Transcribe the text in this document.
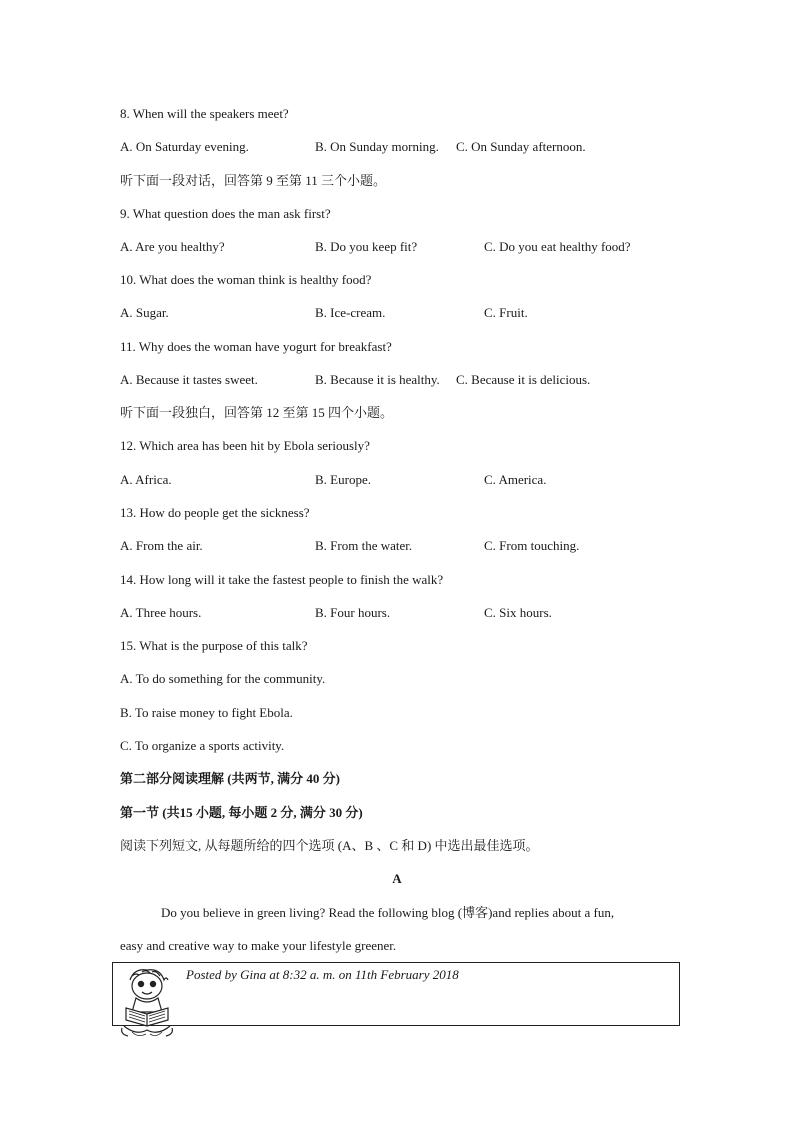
8. When will the speakers meet?
A. On Saturday evening.	B. On Sunday morning. C. On Sunday afternoon.
听下面一段对话，回答第 9 至第 11 三个小题。
9. What question does the man ask first?
A. Are you healthy?	B. Do you keep fit?	C. Do you eat healthy food?
10. What does the woman think is healthy food?
A. Sugar.	B. Ice-cream.	C. Fruit.
11. Why does the woman have yogurt for breakfast?
A. Because it tastes sweet.	B. Because it is healthy. C. Because it is delicious.
听下面一段独白，回答第 12 至第 15 四个小题。
12. Which area has been hit by Ebola seriously?
A. Africa.	B. Europe.	C. America.
13. How do people get the sickness?
A. From the air.	B. From the water.	C. From touching.
14. How long will it take the fastest people to finish the walk?
A. Three hours.	B. Four hours.	C. Six hours.
15. What is the purpose of this talk?
A. To do something for the community.
B. To raise money to fight Ebola.
C. To organize a sports activity.
第二部分阅读理解 (共两节, 满分 40 分)
第一节 (共15 小题, 每小题 2 分, 满分 30 分)
阅读下列短文, 从每题所给的四个选项 (A、B 、C 和 D) 中选出最佳选项。
A
Do you believe in green living? Read the following blog (博客)and replies about a fun,
easy and creative way to make your lifestyle greener.
Posted by Gina at 8:32 a. m. on 11th February 2018
